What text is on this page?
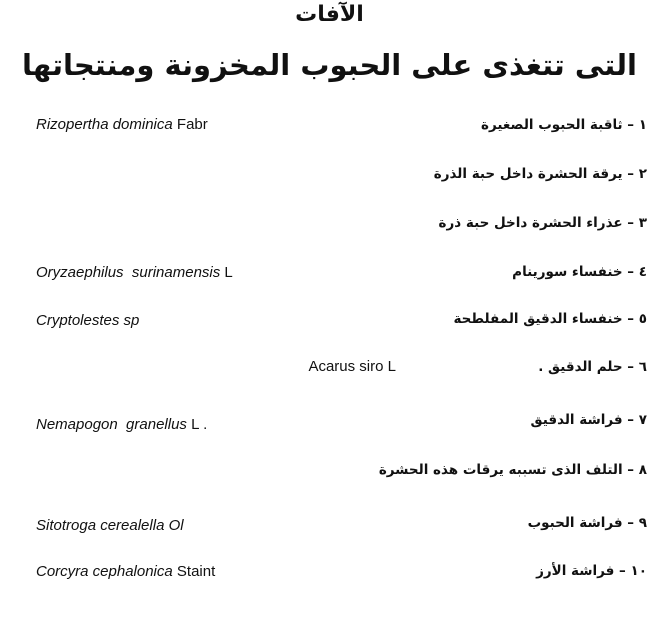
الآفات
التى تتغذى على الحبوب المخزونة ومنتجاتها
١ – ثاقبة الحبوب الصغيرة
Rizopertha dominica Fabr
٢ – يرقة الحشرة داخل حبة الذرة
٣ – عذراء الحشرة داخل حبة ذرة
٤ – خنفساء سورينام
Oryzaephilus  surinamensis L
٥ – خنفساء الدقيق المفلطحة
Cryptolestes sp
٦ – حلم الدقيق .
Acarus siro L
٧ – فراشة الدقيق
Nemapogon  granellus L .
٨ – التلف الذى تسببه يرقات هذه الحشرة
٩ – فراشة الحبوب
Sitotroga cerealella Ol
١٠ – فراشة الأرز
Corcyra cephalonica Staint
